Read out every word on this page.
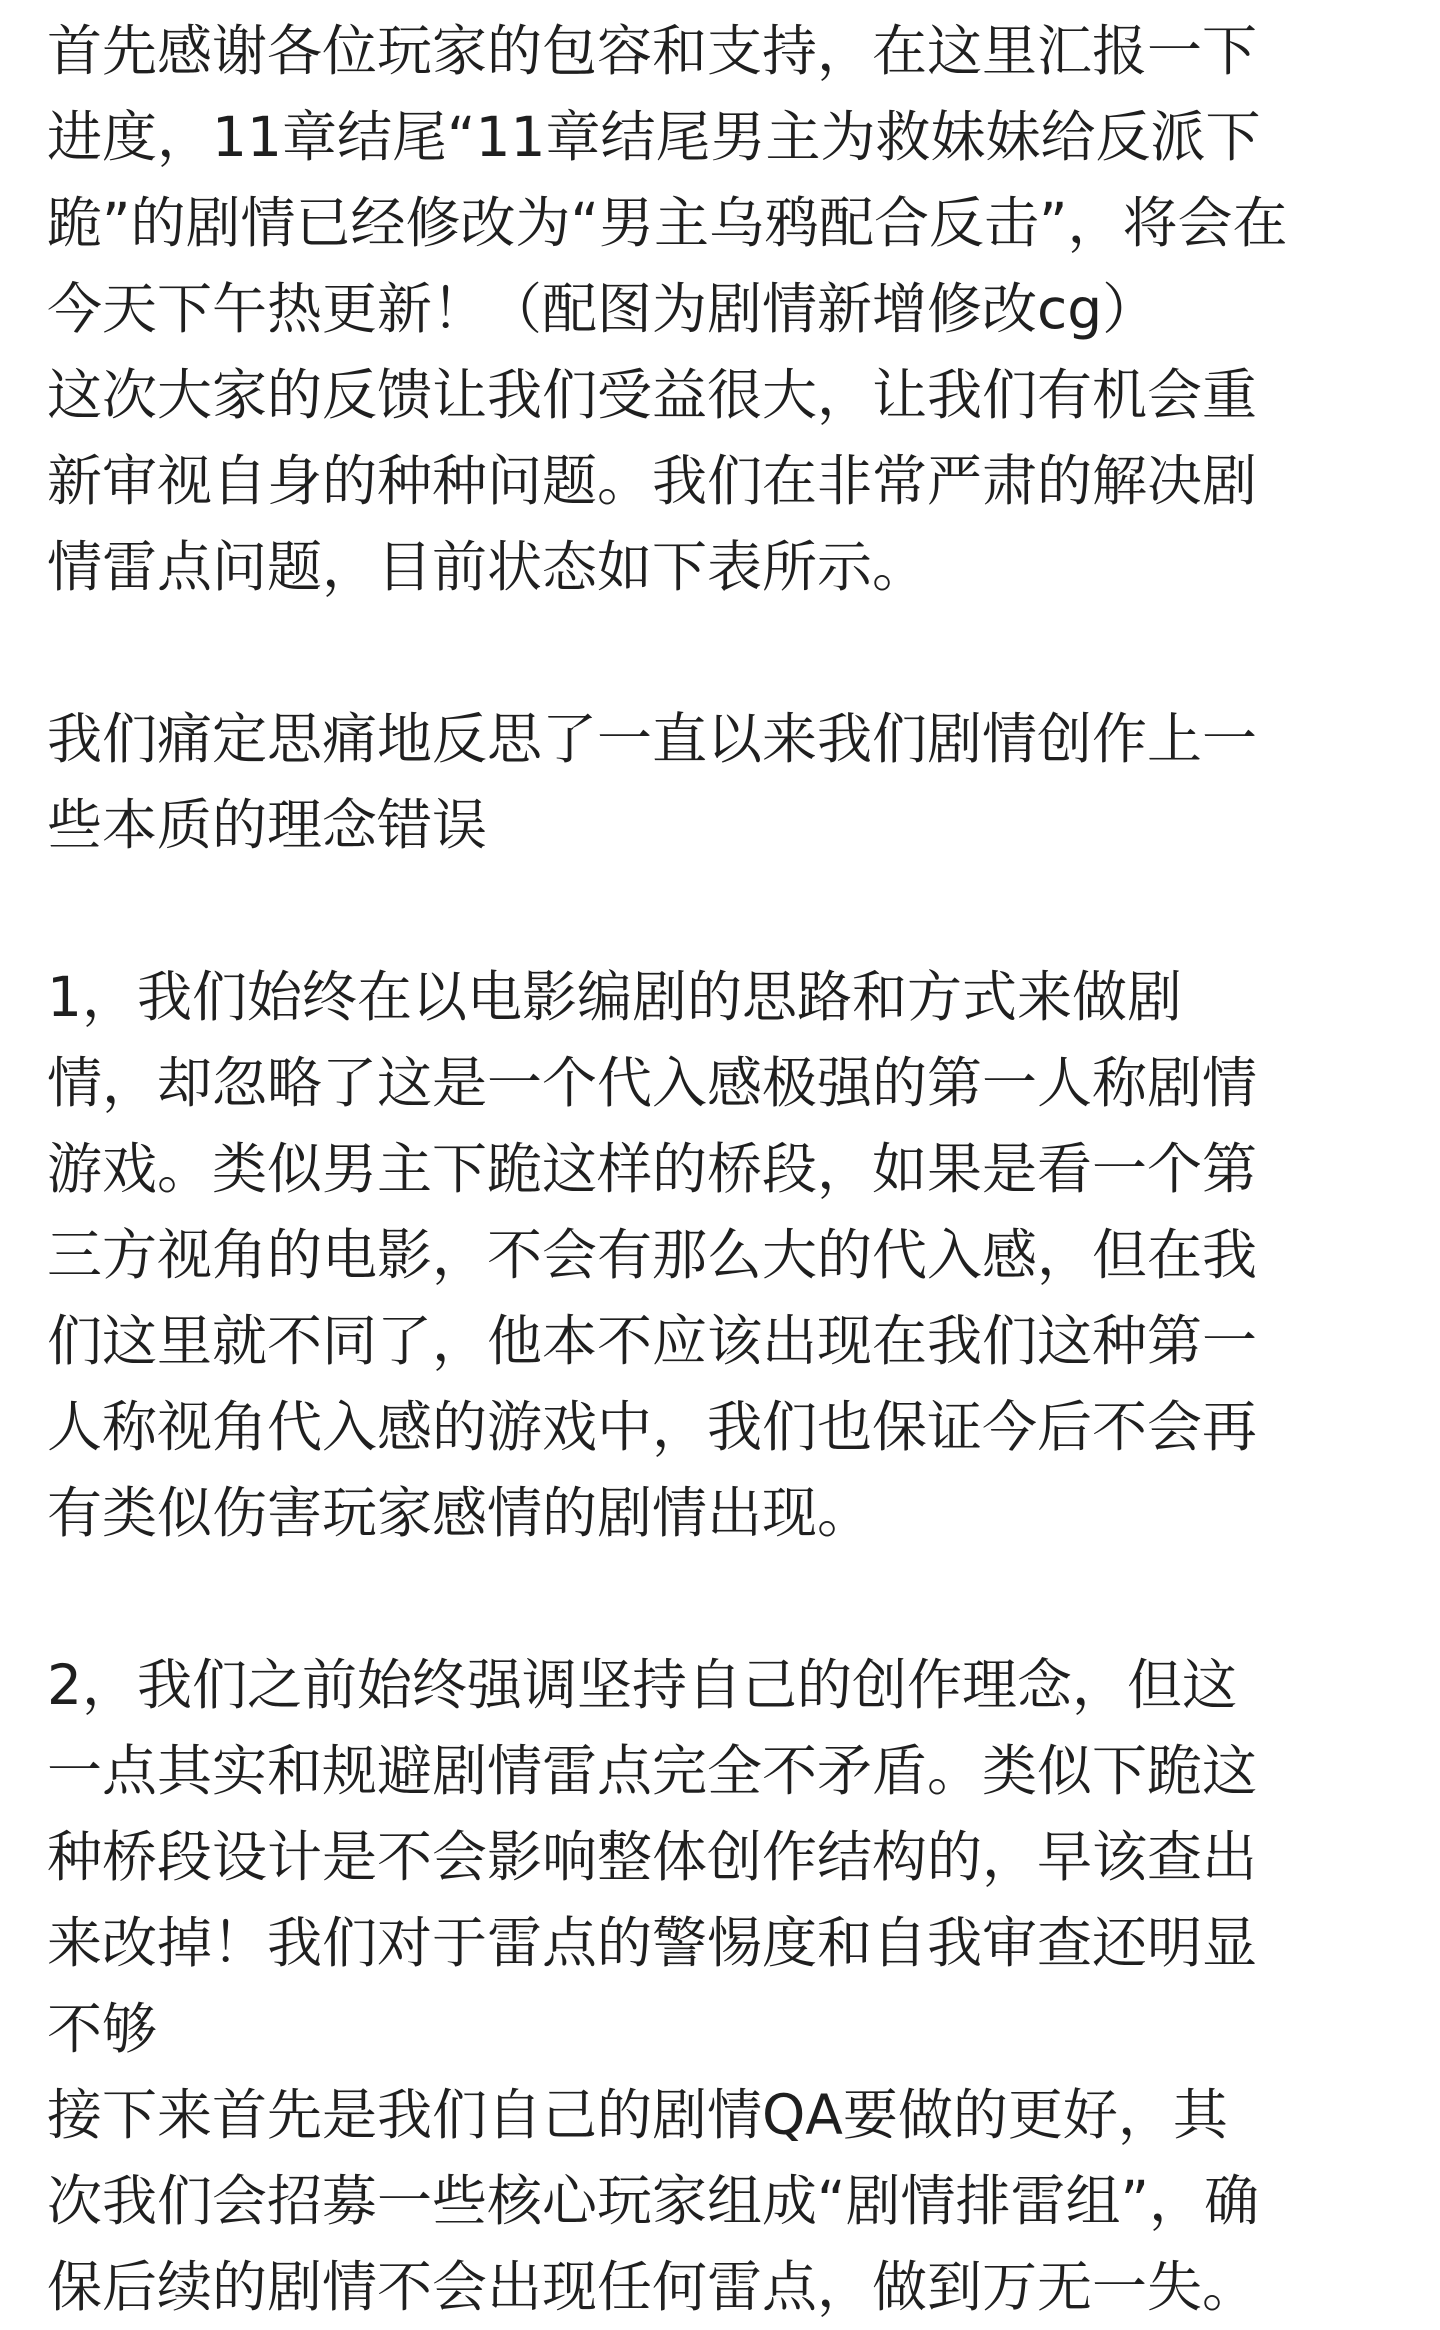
首先感谢各位玩家的包容和支持，在这里汇报一下
进度，11章结尾“11章结尾男主为救妹妹给反派下
跪”的剧情已经修改为“男主乌鸦配合反击”，将会在
今天下午热更新！（配图为剧情新增修改cg）
这次大家的反馈让我们受益很大，让我们有机会重
新审视自身的种种问题。我们在非常严肃的解决剧
情雷点问题，目前状态如下表所示。
我们痛定思痛地反思了一直以来我们剧情创作上一
些本质的理念错误
1，我们始终在以电影编剧的思路和方式来做剧
情，却忽略了这是一个代入感极强的第一人称剧情
游戏。类似男主下跪这样的桥段，如果是看一个第
三方视角的电影，不会有那么大的代入感，但在我
们这里就不同了，他本不应该出现在我们这种第一
人称视角代入感的游戏中，我们也保证今后不会再
有类似伤害玩家感情的剧情出现。
2，我们之前始终强调坚持自己的创作理念，但这
一点其实和规避剧情雷点完全不矛盾。类似下跪这
种桥段设计是不会影响整体创作结构的，早该查出
来改掉！我们对于雷点的警惕度和自我审查还明显
不够
接下来首先是我们自己的剧情QA要做的更好，其
次我们会招募一些核心玩家组成“剧情排雷组”，确
保后续的剧情不会出现任何雷点，做到万无一失。
